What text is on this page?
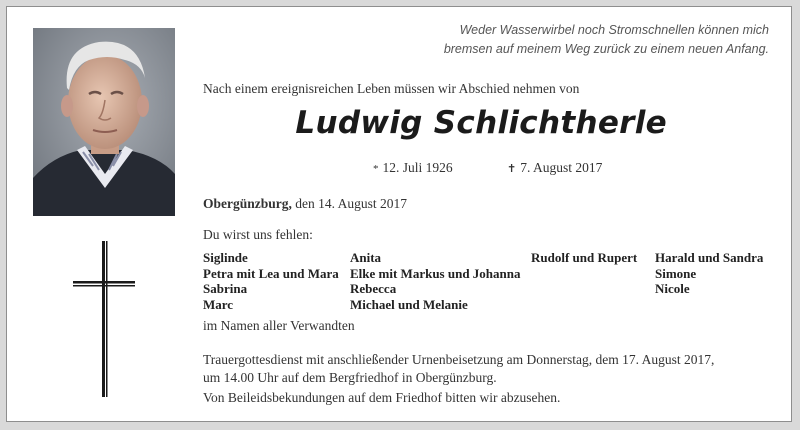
Weder Wasserwirbel noch Stromschnellen können mich
bremsen auf meinem Weg zurück zu einem neuen Anfang.
Nach einem ereignisreichen Leben müssen wir Abschied nehmen von
Ludwig Schlichtherle
* 12. Juli 1926	✝ 7. August 2017
Obergünzburg, den 14. August 2017
Du wirst uns fehlen:
Siglinde
Petra mit Lea und Mara
Sabrina
Marc
Anita
Elke mit Markus und Johanna
Rebecca
Michael und Melanie
Rudolf und Rupert Harald und Sandra
Simone
Nicole
im Namen aller Verwandten
Trauergottesdienst mit anschließender Urnenbeisetzung am Donnerstag, dem 17. August 2017,
um 14.00 Uhr auf dem Bergfriedhof in Obergünzburg.
Von Beileidsbekundungen auf dem Friedhof bitten wir abzusehen.
